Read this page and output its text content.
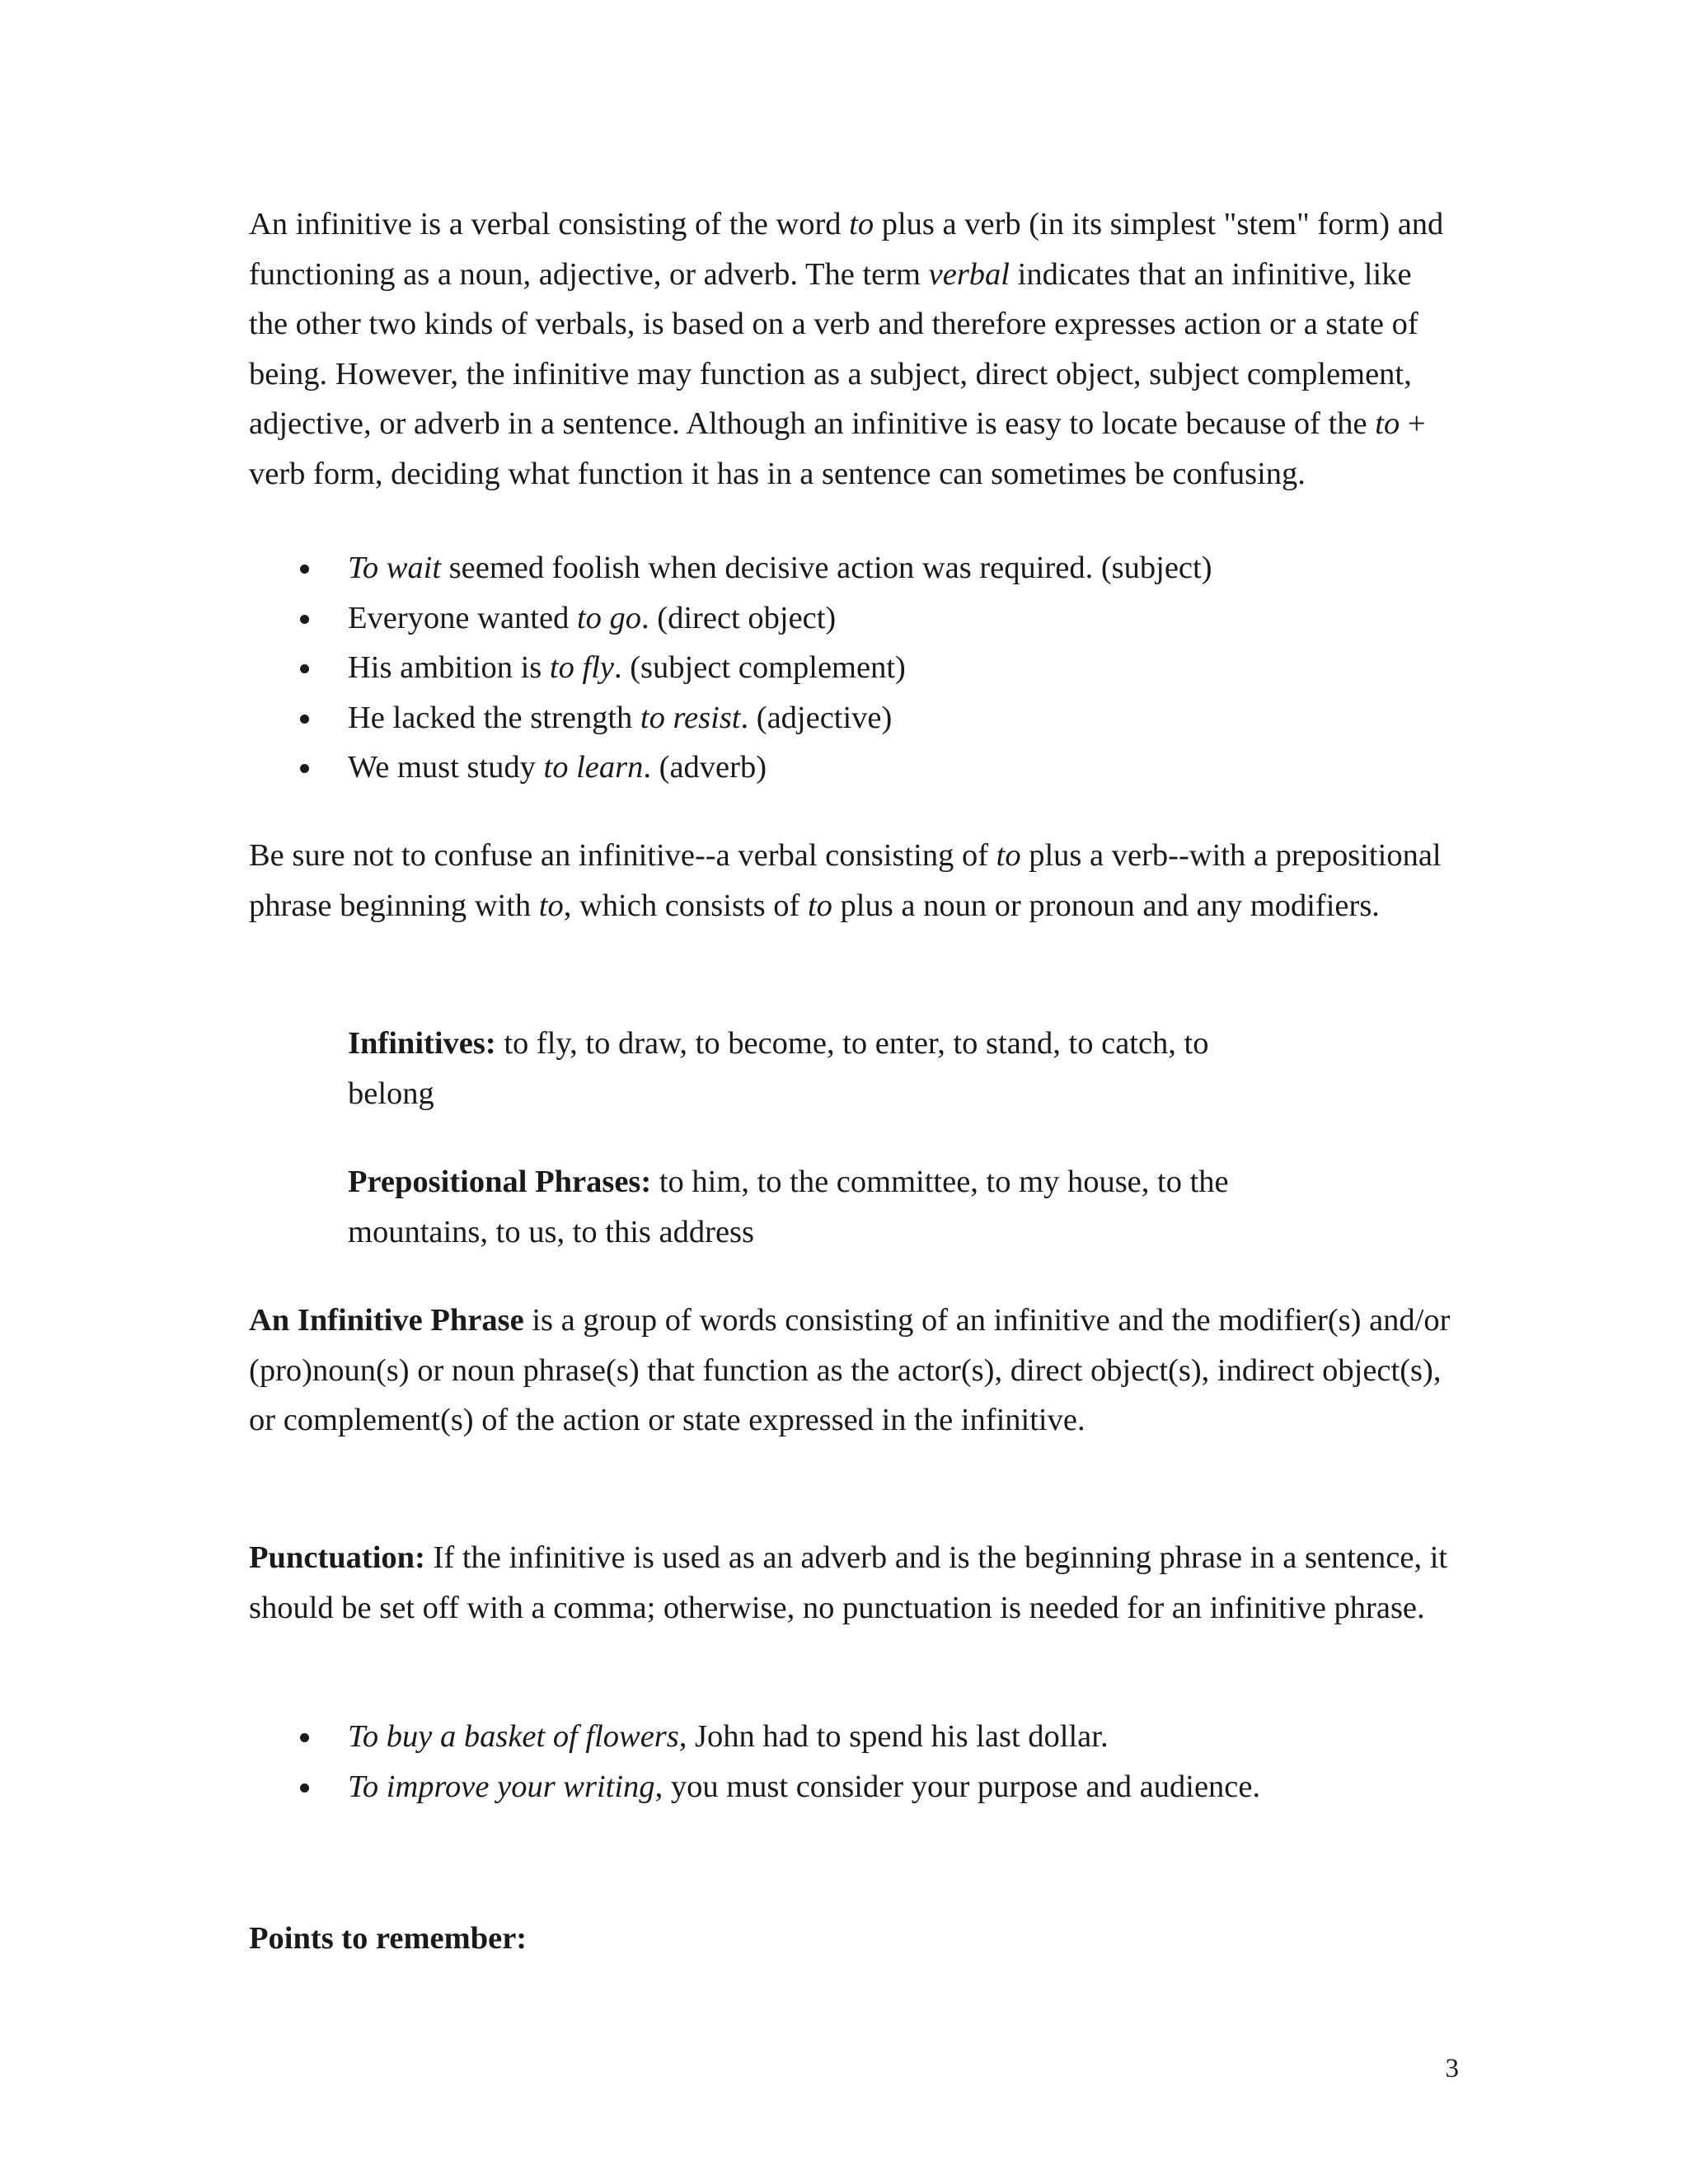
An infinitive is a verbal consisting of the word to plus a verb (in its simplest "stem" form) and functioning as a noun, adjective, or adverb. The term verbal indicates that an infinitive, like the other two kinds of verbals, is based on a verb and therefore expresses action or a state of being. However, the infinitive may function as a subject, direct object, subject complement, adjective, or adverb in a sentence. Although an infinitive is easy to locate because of the to + verb form, deciding what function it has in a sentence can sometimes be confusing.

To wait seemed foolish when decisive action was required. (subject)
Everyone wanted to go. (direct object)
His ambition is to fly. (subject complement)
He lacked the strength to resist. (adjective)
We must study to learn. (adverb)

Be sure not to confuse an infinitive--a verbal consisting of to plus a verb--with a prepositional phrase beginning with to, which consists of to plus a noun or pronoun and any modifiers.

Infinitives: to fly, to draw, to become, to enter, to stand, to catch, to belong

Prepositional Phrases: to him, to the committee, to my house, to the mountains, to us, to this address

An Infinitive Phrase is a group of words consisting of an infinitive and the modifier(s) and/or (pro)noun(s) or noun phrase(s) that function as the actor(s), direct object(s), indirect object(s), or complement(s) of the action or state expressed in the infinitive.

Punctuation: If the infinitive is used as an adverb and is the beginning phrase in a sentence, it should be set off with a comma; otherwise, no punctuation is needed for an infinitive phrase.

To buy a basket of flowers, John had to spend his last dollar.
To improve your writing, you must consider your purpose and audience.

Points to remember:

3
